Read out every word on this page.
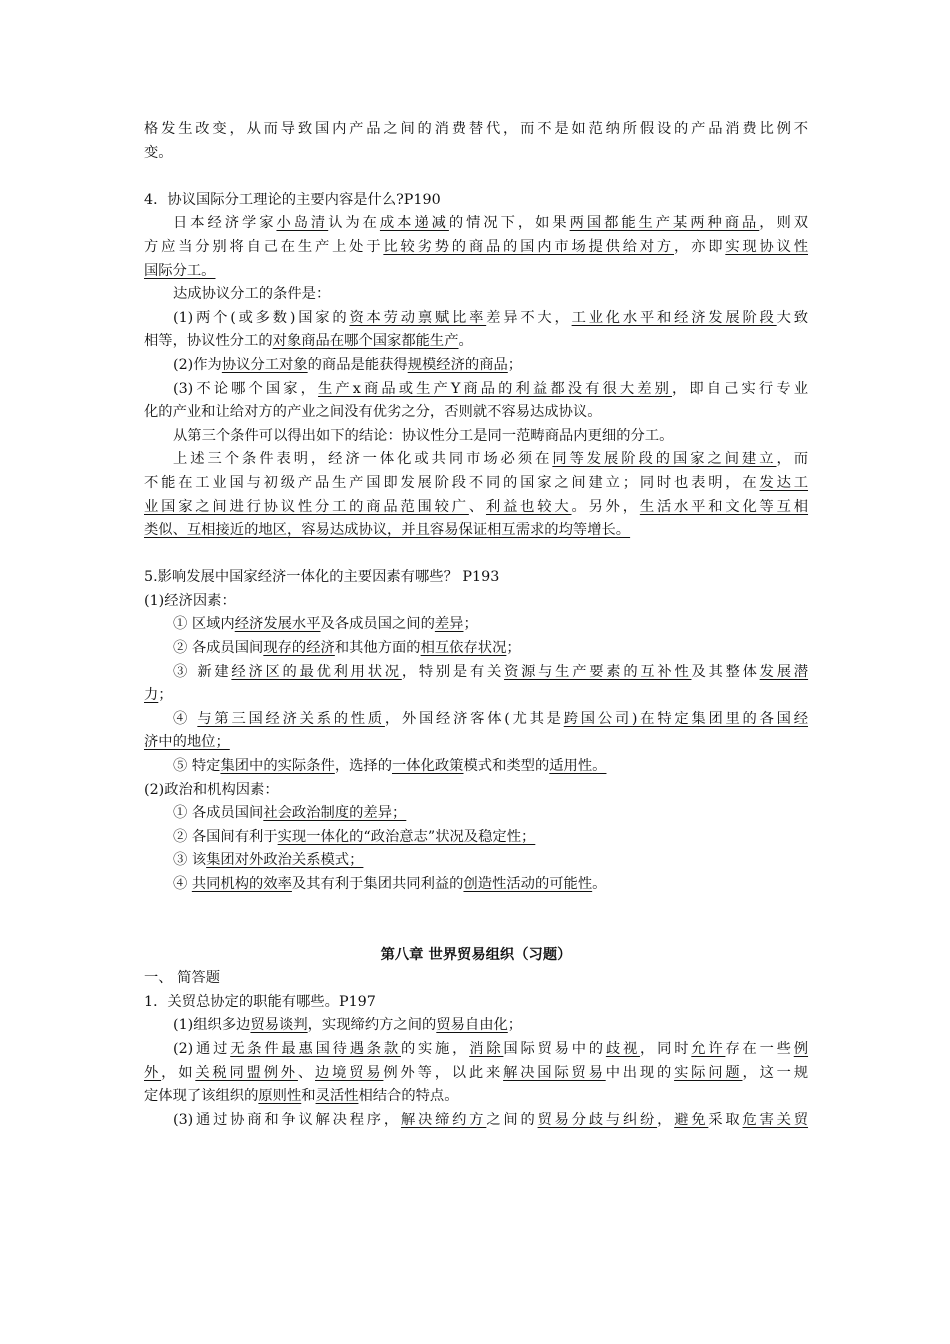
格发生改变，从而导致国内产品之间的消费替代，而不是如范纳所假设的产品消费比例不
变。
4．协议国际分工理论的主要内容是什么?P190
日本经济学家小岛清认为在成本递减的情况下，如果两国都能生产某两种商品，则双
方应当分别将自己在生产上处于比较劣势的商品的国内市场提供给对方，亦即实现协议性
国际分工。
达成协议分工的条件是：
(1)两个(或多数)国家的资本劳动禀赋比率差异不大，工业化水平和经济发展阶段大致
相等，协议性分工的对象商品在哪个国家都能生产。
(2)作为协议分工对象的商品是能获得规模经济的商品；
(3)不论哪个国家，生产x商品或生产Y商品的利益都没有很大差别，即自己实行专业
化的产业和让给对方的产业之间没有优劣之分，否则就不容易达成协议。
从第三个条件可以得出如下的结论：协议性分工是同一范畴商品内更细的分工。
上述三个条件表明，经济一体化或共同市场必须在同等发展阶段的国家之间建立，而
不能在工业国与初级产品生产国即发展阶段不同的国家之间建立；同时也表明，在发达工
业国家之间进行协议性分工的商品范围较广、利益也较大。另外，生活水平和文化等互相
类似、互相接近的地区，容易达成协议，并且容易保证相互需求的均等增长。
5.影响发展中国家经济一体化的主要因素有哪些？ P193
(1)经济因素：
① 区域内经济发展水平及各成员国之间的差异；
② 各成员国间现存的经济和其他方面的相互依存状况；
③ 新建经济区的最优利用状况，特别是有关资源与生产要素的互补性及其整体发展潜
力；
④ 与第三国经济关系的性质，外国经济客体(尤其是跨国公司)在特定集团里的各国经
济中的地位；
⑤ 特定集团中的实际条件，选择的一体化政策模式和类型的适用性。
(2)政治和机构因素：
① 各成员国间社会政治制度的差异；
② 各国间有利于实现一体化的“政治意志”状况及稳定性；
③ 该集团对外政治关系模式；
④ 共同机构的效率及其有利于集团共同利益的创造性活动的可能性。
第八章 世界贸易组织（习题）
一、 简答题
1．关贸总协定的职能有哪些。P197
(1)组织多边贸易谈判，实现缔约方之间的贸易自由化；
(2)通过无条件最惠国待遇条款的实施，消除国际贸易中的歧视，同时允许存在一些例
外，如关税同盟例外、边境贸易例外等，以此来解决国际贸易中出现的实际问题，这一规
定体现了该组织的原则性和灵活性相结合的特点。
(3)通过协商和争议解决程序，解决缔约方之间的贸易分歧与纠纷，避免采取危害关贸
